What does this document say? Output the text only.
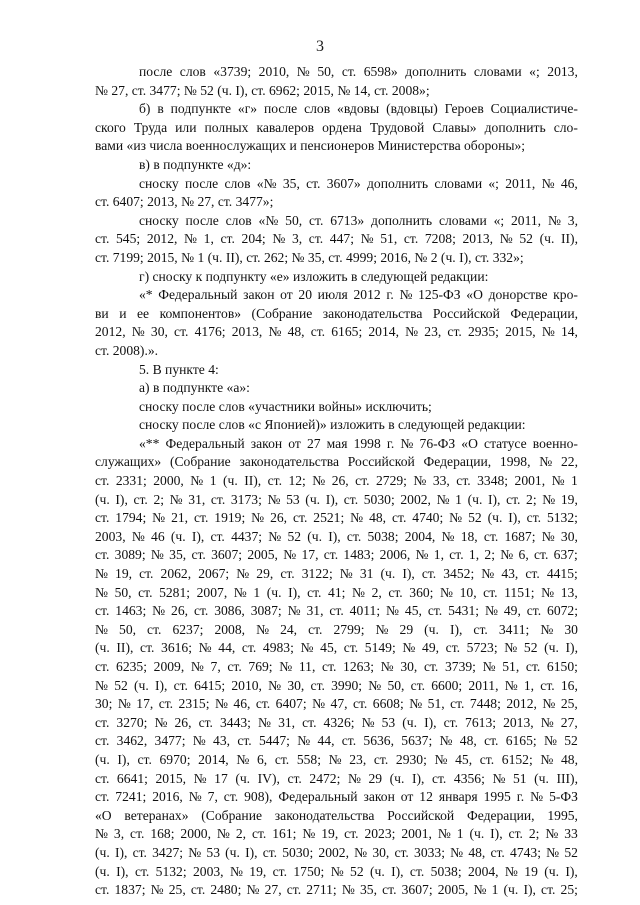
3
после слов «3739; 2010, № 50, ст. 6598» дополнить словами «; 2013,
№ 27, ст. 3477; № 52 (ч. I), ст. 6962; 2015, № 14, ст. 2008»;
б) в подпункте «г» после слов «вдовы (вдовцы) Героев Социалистиче-
ского Труда или полных кавалеров ордена Трудовой Славы» дополнить сло-
вами «из числа военнослужащих и пенсионеров Министерства обороны»;
в) в подпункте «д»:
сноску после слов «№ 35, ст. 3607» дополнить словами «; 2011, № 46,
ст. 6407; 2013, № 27, ст. 3477»;
сноску после слов «№ 50, ст. 6713» дополнить словами «; 2011, № 3,
ст. 545; 2012, № 1, ст. 204; № 3, ст. 447; № 51, ст. 7208; 2013, № 52 (ч. II),
ст. 7199; 2015, № 1 (ч. II), ст. 262; № 35, ст. 4999; 2016, № 2 (ч. I), ст. 332»;
г) сноску к подпункту «е» изложить в следующей редакции:
«* Федеральный закон от 20 июля 2012 г. № 125-ФЗ «О донорстве кро-
ви и ее компонентов» (Собрание законодательства Российской Федерации,
2012, № 30, ст. 4176; 2013, № 48, ст. 6165; 2014, № 23, ст. 2935; 2015, № 14,
ст. 2008).».
5. В пункте 4:
а) в подпункте «а»:
сноску после слов «участники войны» исключить;
сноску после слов «с Японией)» изложить в следующей редакции:
«** Федеральный закон от 27 мая 1998 г. № 76-ФЗ «О статусе военно-
служащих» (Собрание законодательства Российской Федерации, 1998, № 22,
ст. 2331; 2000, № 1 (ч. II), ст. 12; № 26, ст. 2729; № 33, ст. 3348; 2001, № 1
(ч. I), ст. 2; № 31, ст. 3173; № 53 (ч. I), ст. 5030; 2002, № 1 (ч. I), ст. 2; № 19,
ст. 1794; № 21, ст. 1919; № 26, ст. 2521; № 48, ст. 4740; № 52 (ч. I), ст. 5132;
2003, № 46 (ч. I), ст. 4437; № 52 (ч. I), ст. 5038; 2004, № 18, ст. 1687; № 30,
ст. 3089; № 35, ст. 3607; 2005, № 17, ст. 1483; 2006, № 1, ст. 1, 2; № 6, ст. 637;
№ 19, ст. 2062, 2067; № 29, ст. 3122; № 31 (ч. I), ст. 3452; № 43, ст. 4415;
№ 50, ст. 5281; 2007, № 1 (ч. I), ст. 41; № 2, ст. 360; № 10, ст. 1151; № 13,
ст. 1463; № 26, ст. 3086, 3087; № 31, ст. 4011; № 45, ст. 5431; № 49, ст. 6072;
№ 50, ст. 6237; 2008, № 24, ст. 2799; № 29 (ч. I), ст. 3411; № 30
(ч. II), ст. 3616; № 44, ст. 4983; № 45, ст. 5149; № 49, ст. 5723; № 52 (ч. I),
ст. 6235; 2009, № 7, ст. 769; № 11, ст. 1263; № 30, ст. 3739; № 51, ст. 6150;
№ 52 (ч. I), ст. 6415; 2010, № 30, ст. 3990; № 50, ст. 6600; 2011, № 1, ст. 16,
30; № 17, ст. 2315; № 46, ст. 6407; № 47, ст. 6608; № 51, ст. 7448; 2012, № 25,
ст. 3270; № 26, ст. 3443; № 31, ст. 4326; № 53 (ч. I), ст. 7613; 2013, № 27,
ст. 3462, 3477; № 43, ст. 5447; № 44, ст. 5636, 5637; № 48, ст. 6165; № 52
(ч. I), ст. 6970; 2014, № 6, ст. 558; № 23, ст. 2930; № 45, ст. 6152; № 48,
ст. 6641; 2015, № 17 (ч. IV), ст. 2472; № 29 (ч. I), ст. 4356; № 51 (ч. III),
ст. 7241; 2016, № 7, ст. 908), Федеральный закон от 12 января 1995 г. № 5-ФЗ
«О ветеранах» (Собрание законодательства Российской Федерации, 1995,
№ 3, ст. 168; 2000, № 2, ст. 161; № 19, ст. 2023; 2001, № 1 (ч. I), ст. 2; № 33
(ч. I), ст. 3427; № 53 (ч. I), ст. 5030; 2002, № 30, ст. 3033; № 48, ст. 4743; № 52
(ч. I), ст. 5132; 2003, № 19, ст. 1750; № 52 (ч. I), ст. 5038; 2004, № 19 (ч. I),
ст. 1837; № 25, ст. 2480; № 27, ст. 2711; № 35, ст. 3607; 2005, № 1 (ч. I), ст. 25;
